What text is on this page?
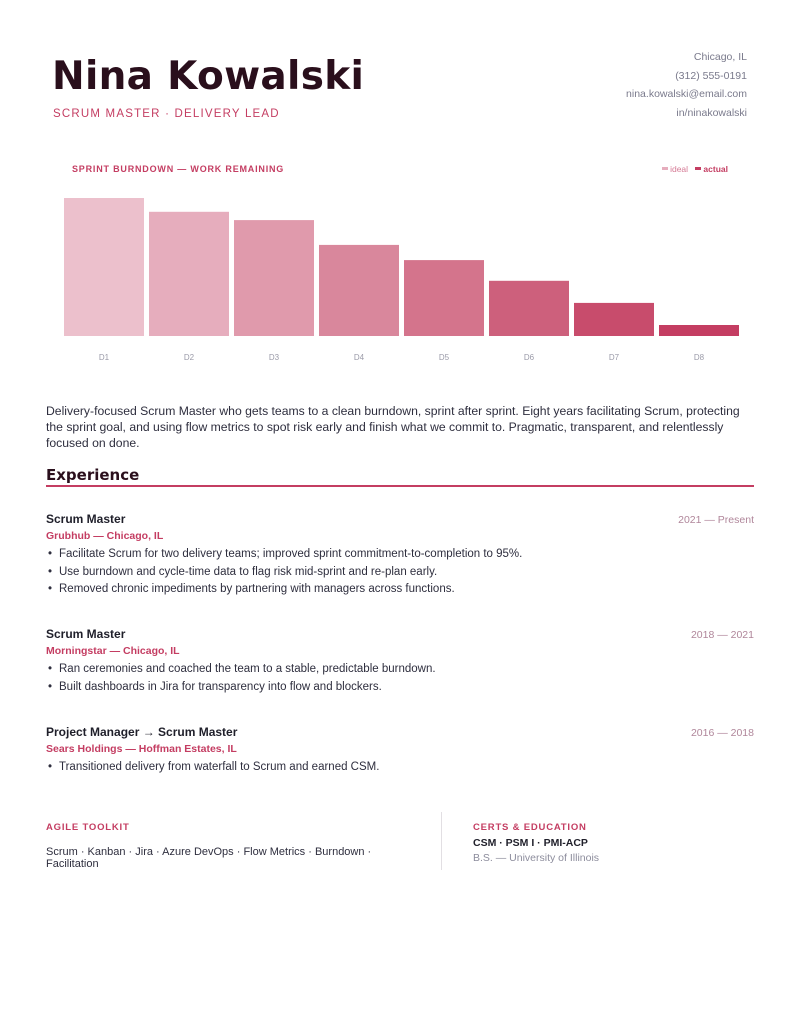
Nina Kowalski
SCRUM MASTER · DELIVERY LEAD
Chicago, IL
(312) 555-0191
nina.kowalski@email.com
in/ninakowalski
D1	D2	D3	D4	D5	D6	D7	D8
SPRINT BURNDOWN — WORK REMAINING	ideal
actual
Delivery-focused Scrum Master who gets teams to a clean burndown, sprint after sprint. Eight years facilitating Scrum, protecting the sprint goal, and using flow metrics to spot risk early and finish what we commit to. Pragmatic, transparent, and relentlessly focused on done.
Experience
Scrum Master
Grubhub — Chicago, IL
2021 — Present
• Facilitate Scrum for two delivery teams; improved sprint commitment-to-completion to 95%.
• Use burndown and cycle-time data to flag risk mid-sprint and re-plan early.
• Removed chronic impediments by partnering with managers across functions.
Scrum Master
Morningstar — Chicago, IL
2018 — 2021
• Ran ceremonies and coached the team to a stable, predictable burndown.
• Built dashboards in Jira for transparency into flow and blockers.
Project Manager → Scrum Master
Sears Holdings — Hoffman Estates, IL
2016 — 2018
• Transitioned delivery from waterfall to Scrum and earned CSM.
AGILE TOOLKIT
Scrum · Kanban · Jira · Azure DevOps · Flow Metrics · Burndown · Facilitation
CERTS & EDUCATION
CSM · PSM I · PMI-ACP
B.S. — University of Illinois
